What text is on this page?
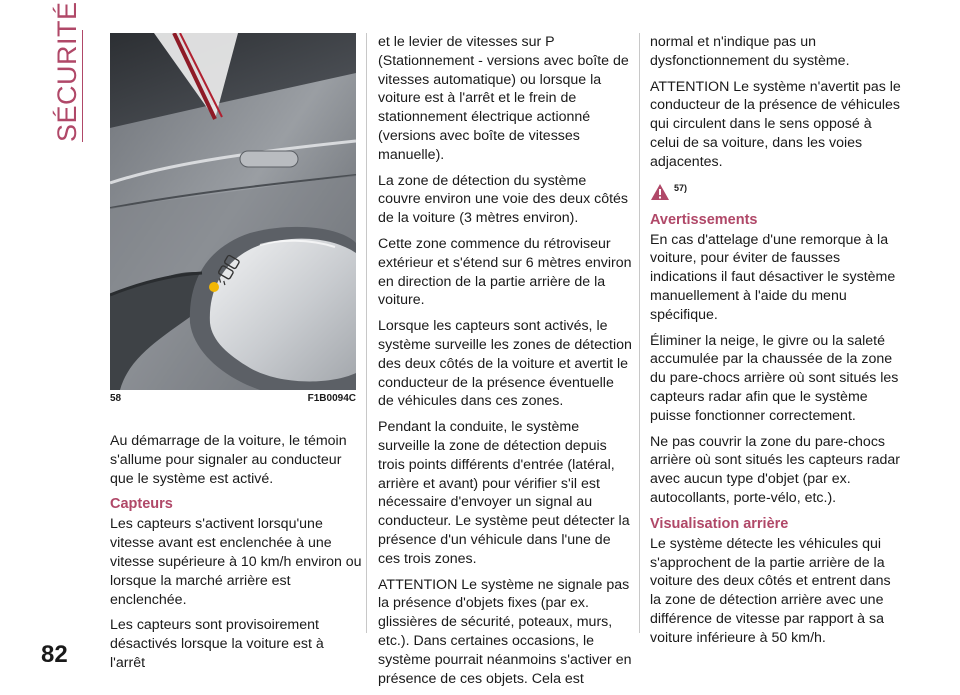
SÉCURITÉ
58	F1B0094C

Au démarrage de la voiture, le témoin s'allume pour signaler au conducteur que le système est activé.

Capteurs

Les capteurs s'activent lorsqu'une vitesse avant est enclenchée à une vitesse supérieure à 10 km/h environ ou lorsque la marché arrière est enclenchée.

Les capteurs sont provisoirement désactivés lorsque la voiture est à l'arrêt

et le levier de vitesses sur P (Stationnement - versions avec boîte de vitesses automatique) ou lorsque la voiture est à l'arrêt et le frein de stationnement électrique actionné (versions avec boîte de vitesses manuelle).

La zone de détection du système couvre environ une voie des deux côtés de la voiture (3 mètres environ).

Cette zone commence du rétroviseur extérieur et s'étend sur 6 mètres environ en direction de la partie arrière de la voiture.

Lorsque les capteurs sont activés, le système surveille les zones de détection des deux côtés de la voiture et avertit le conducteur de la présence éventuelle de véhicules dans ces zones.

Pendant la conduite, le système surveille la zone de détection depuis trois points différents d'entrée (latéral, arrière et avant) pour vérifier s'il est nécessaire d'envoyer un signal au conducteur. Le système peut détecter la présence d'un véhicule dans l'une de ces trois zones.

ATTENTION Le système ne signale pas la présence d'objets fixes (par ex. glissières de sécurité, poteaux, murs, etc.). Dans certaines occasions, le système pourrait néanmoins s'activer en présence de ces objets. Cela est

normal et n'indique pas un dysfonctionnement du système.

ATTENTION Le système n'avertit pas le conducteur de la présence de véhicules qui circulent dans le sens opposé à celui de sa voiture, dans les voies adjacentes.

57)
Avertissements

En cas d'attelage d'une remorque à la voiture, pour éviter de fausses indications il faut désactiver le système manuellement à l'aide du menu spécifique.

Éliminer la neige, le givre ou la saleté accumulée par la chaussée de la zone du pare-chocs arrière où sont situés les capteurs radar afin que le système puisse fonctionner correctement.

Ne pas couvrir la zone du pare-chocs arrière où sont situés les capteurs radar avec aucun type d'objet (par ex. autocollants, porte-vélo, etc.).

Visualisation arrière

Le système détecte les véhicules qui s'approchent de la partie arrière de la voiture des deux côtés et entrent dans la zone de détection arrière avec une différence de vitesse par rapport à sa voiture inférieure à 50 km/h.

82
